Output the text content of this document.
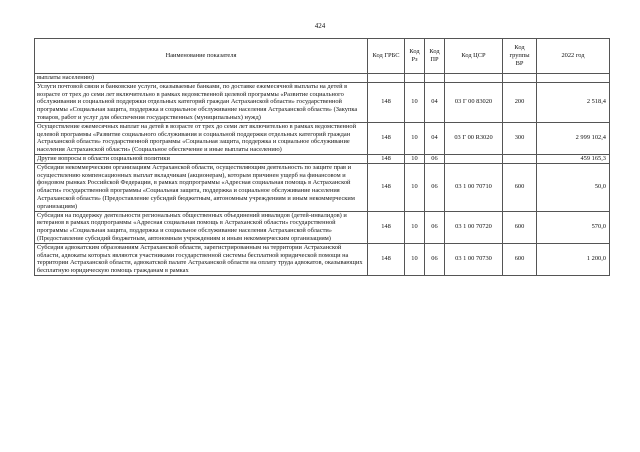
424
Наименование показателя	Код ГРБС	Код Рз	Код ПР	Код ЦСР	Код группы ВР	2022 год
выплаты населению)						
Услуги почтовой связи и банковские услуги, оказываемые банками, по доставке ежемесячной выплаты на детей в возрасте от трех до семи лет включительно в рамках ведомственной целевой программы «Развитие социального обслуживания и социальной поддержки отдельных категорий граждан Астраханской области» государственной программы «Социальная защита, поддержка и социальное обслуживание населения Астраханской области» (Закупка товаров, работ и услуг для обеспечения государственных (муниципальных) нужд)	148	10	04	03 Г 00 83020	200	2 518,4
Осуществление ежемесячных выплат на детей в возрасте от трех до семи лет включительно в рамках ведомственной целевой программы «Развитие социального обслуживания и социальной поддержки отдельных категорий граждан Астраханской области» государственной программы «Социальная защита, поддержка и социальное обслуживание населения Астраханской области» (Социальное обеспечение и иные выплаты населению)	148	10	04	03 Г 00 R3020	300	2 999 102,4
Другие вопросы в области социальной политики	148	10	06			459 165,3
Субсидии некоммерческим организациям Астраханской области, осуществляющим деятельность по защите прав и осуществлению компенсационных выплат вкладчикам (акционерам), которым причинен ущерб на финансовом и фондовом рынках Российской Федерации, в рамках подпрограммы «Адресная социальная помощь в Астраханской области» государственной программы «Социальная защита, поддержка и социальное обслуживание населения Астраханской области» (Предоставление субсидий бюджетным, автономным учреждениям и иным некоммерческим организациям)	148	10	06	03 1 00 70710	600	50,0
Субсидия на поддержку деятельности региональных общественных объединений инвалидов (детей-инвалидов) и ветеранов в рамках подпрограммы «Адресная социальная помощь в Астраханской области» государственной программы «Социальная защита, поддержка и социальное обслуживание населения Астраханской области» (Предоставление субсидий бюджетным, автономным учреждениям и иным некоммерческим организациям)	148	10	06	03 1 00 70720	600	570,0
Субсидия адвокатским образованиям Астраханской области, зарегистрированным на территории Астраханской области, адвокаты которых являются участниками государственной системы бесплатной юридической помощи на территории Астраханской области, адвокатской палате Астраханской области на оплату труда адвокатов, оказывающих бесплатную юридическую помощь гражданам в рамках	148	10	06	03 1 00 70730	600	1 200,0
